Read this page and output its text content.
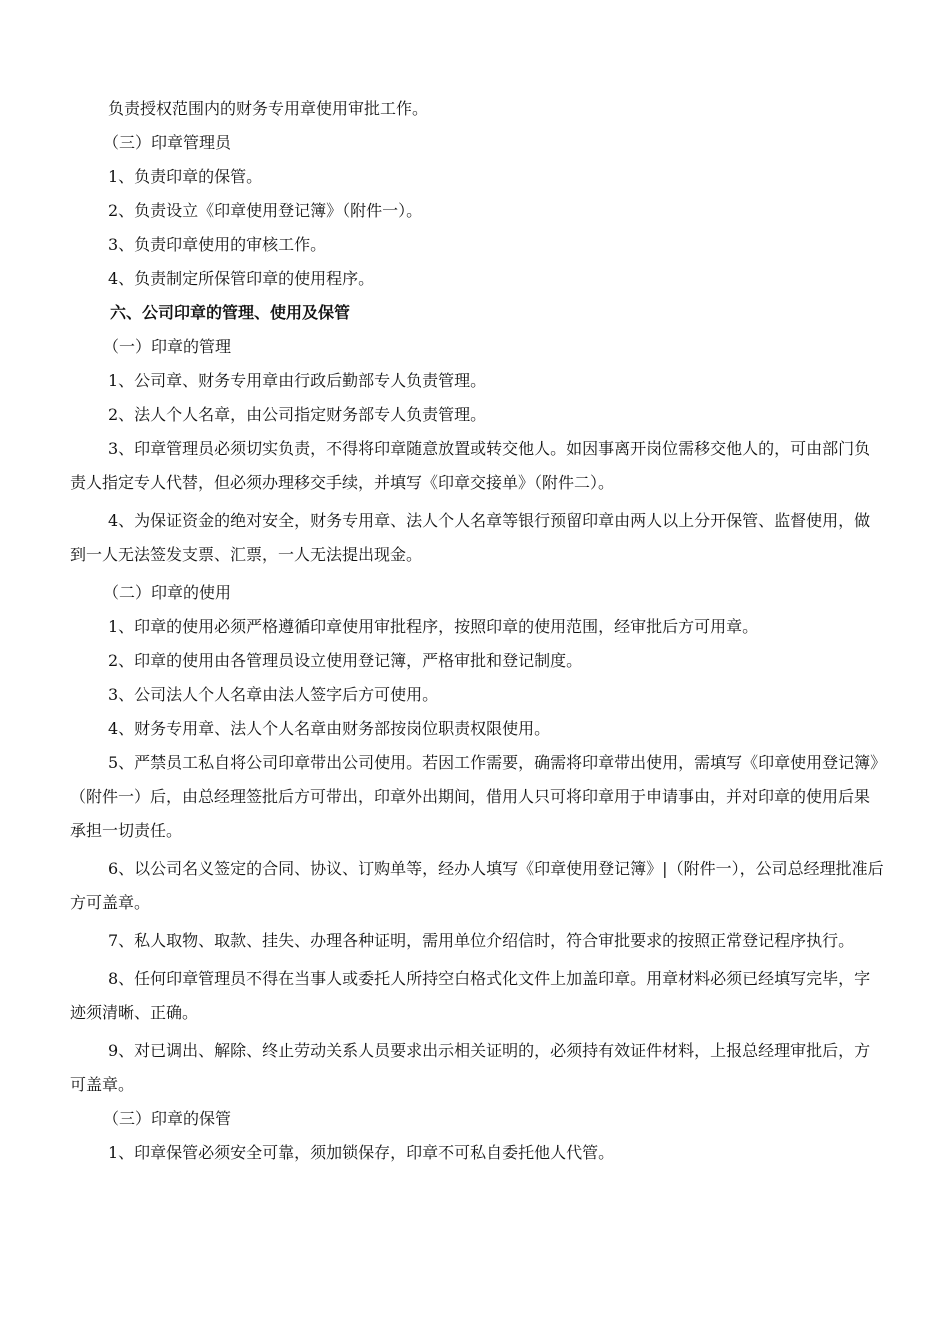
负责授权范围内的财务专用章使用审批工作。

（三）印章管理员

1、负责印章的保管。

2、负责设立《印章使用登记簿》（附件一）。

3、负责印章使用的审核工作。

4、负责制定所保管印章的使用程序。

六、公司印章的管理、使用及保管

（一）印章的管理

1、公司章、财务专用章由行政后勤部专人负责管理。

2、法人个人名章，由公司指定财务部专人负责管理。

3、印章管理员必须切实负责，不得将印章随意放置或转交他人。如因事离开岗位需移交他人的，可由部门负责人指定专人代替，但必须办理移交手续，并填写《印章交接单》（附件二）。

4、为保证资金的绝对安全，财务专用章、法人个人名章等银行预留印章由两人以上分开保管、监督使用，做到一人无法签发支票、汇票，一人无法提出现金。

（二）印章的使用

1、印章的使用必须严格遵循印章使用审批程序，按照印章的使用范围，经审批后方可用章。

2、印章的使用由各管理员设立使用登记簿，严格审批和登记制度。

3、公司法人个人名章由法人签字后方可使用。

4、财务专用章、法人个人名章由财务部按岗位职责权限使用。

5、严禁员工私自将公司印章带出公司使用。若因工作需要，确需将印章带出使用，需填写《印章使用登记簿》（附件一）后，由总经理签批后方可带出，印章外出期间，借用人只可将印章用于申请事由，并对印章的使用后果承担一切责任。

6、以公司名义签定的合同、协议、订购单等，经办人填写《印章使用登记簿》|（附件一），公司总经理批准后方可盖章。

7、私人取物、取款、挂失、办理各种证明，需用单位介绍信时，符合审批要求的按照正常登记程序执行。

8、任何印章管理员不得在当事人或委托人所持空白格式化文件上加盖印章。用章材料必须已经填写完毕，字迹须清晰、正确。

9、对已调出、解除、终止劳动关系人员要求出示相关证明的，必须持有效证件材料，上报总经理审批后，方可盖章。

（三）印章的保管

1、印章保管必须安全可靠，须加锁保存，印章不可私自委托他人代管。
